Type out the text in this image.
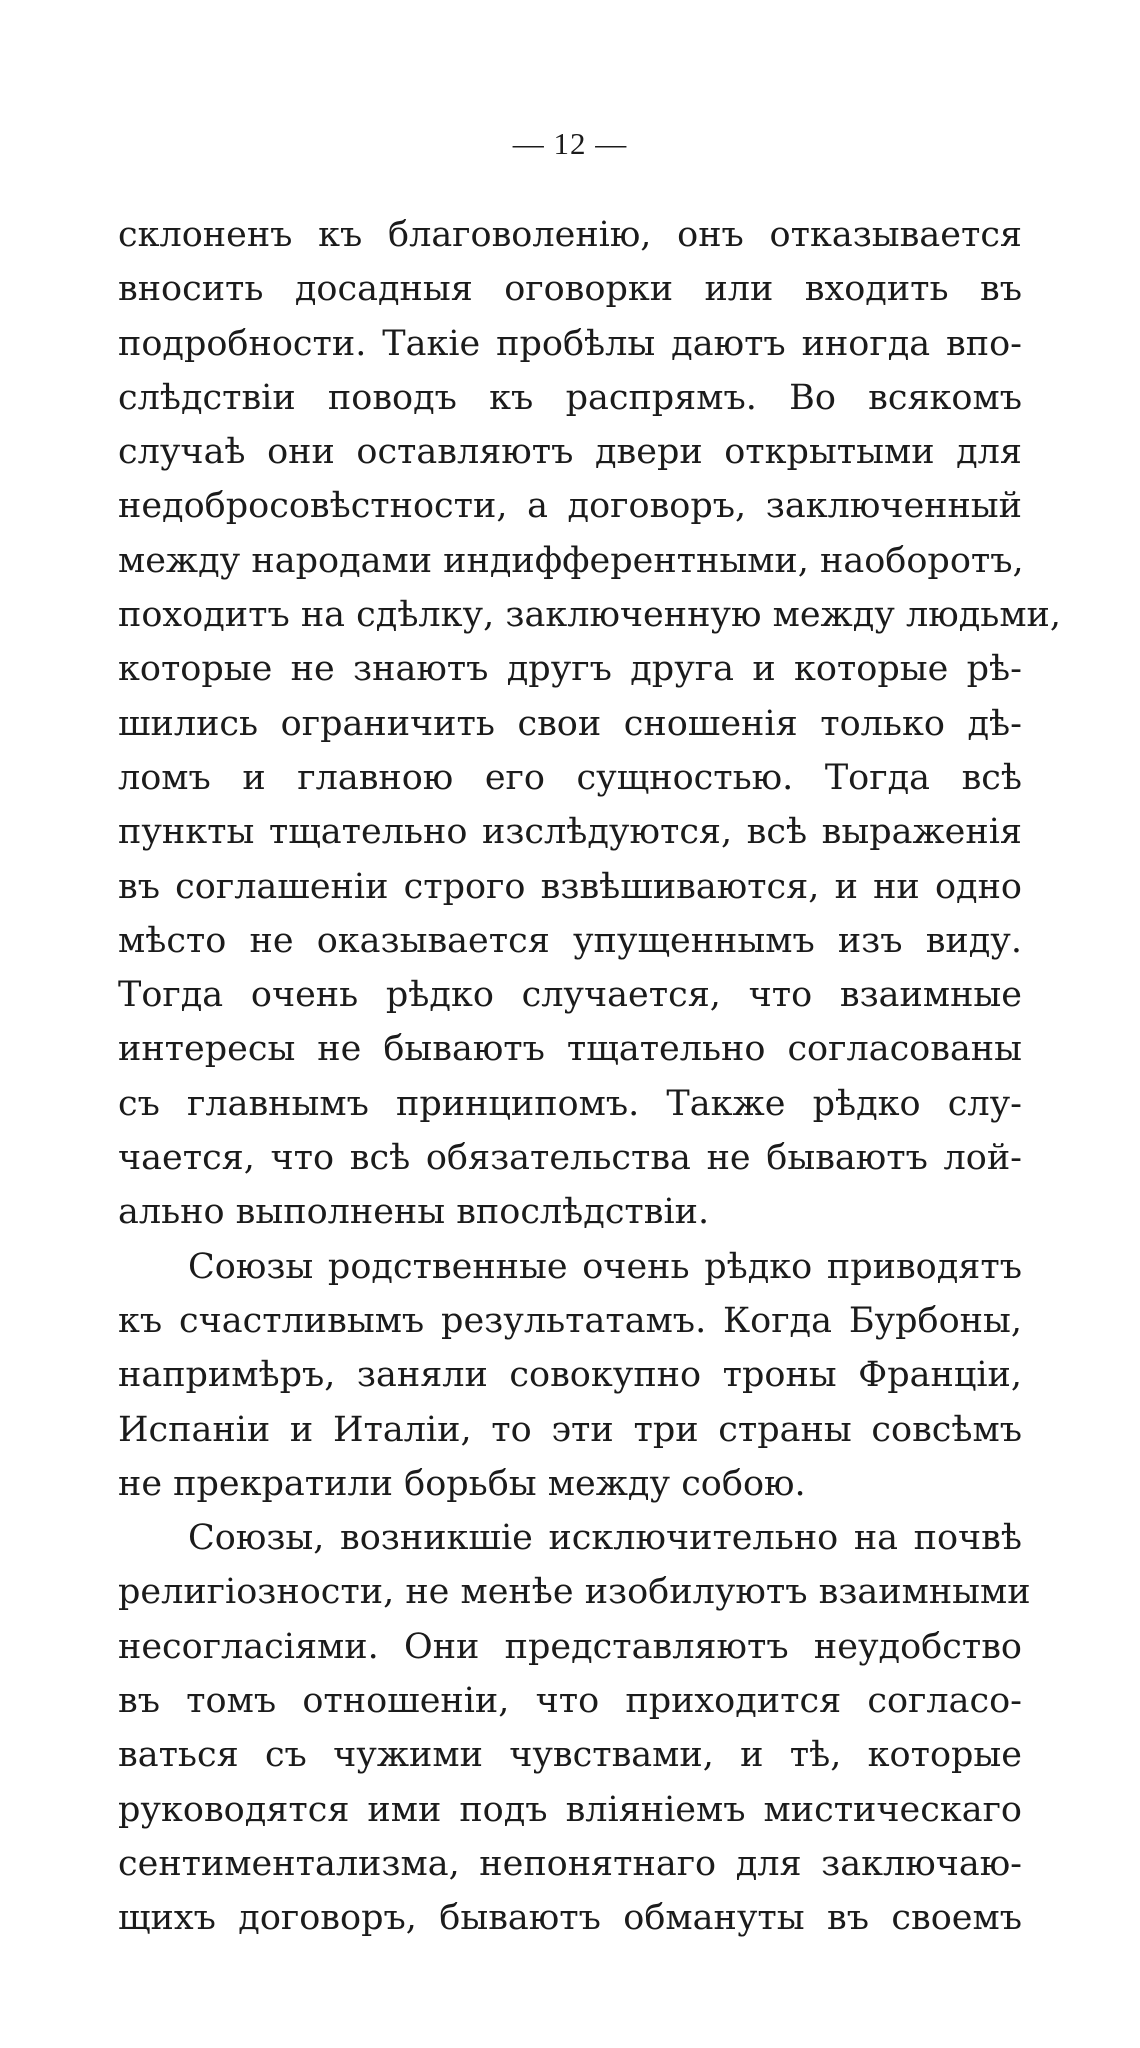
— 12 —
склоненъ къ благоволенію, онъ отказывается
вносить досадныя оговорки или входить въ
подробности. Такіе пробѣлы даютъ иногда впо-
слѣдствіи поводъ къ распрямъ. Во всякомъ
случаѣ они оставляютъ двери открытыми для
недобросовѣстности, а договоръ, заключенный
между народами индифферентными, наоборотъ,
походитъ на сдѣлку, заключенную между людьми,
которые не знаютъ другъ друга и которые рѣ-
шились ограничить свои сношенія только дѣ-
ломъ и главною его сущностью. Тогда всѣ
пункты тщательно изслѣдуются, всѣ выраженія
въ соглашеніи строго взвѣшиваются, и ни одно
мѣсто не оказывается упущеннымъ изъ виду.
Тогда очень рѣдко случается, что взаимные
интересы не бываютъ тщательно согласованы
съ главнымъ принципомъ. Также рѣдко слу-
чается, что всѣ обязательства не бываютъ лой-
ально выполнены впослѣдствіи.
Союзы родственные очень рѣдко приводятъ
къ счастливымъ результатамъ. Когда Бурбоны,
напримѣръ, заняли совокупно троны Франціи,
Испаніи и Италіи, то эти три страны совсѣмъ
не прекратили борьбы между собою.
Союзы, возникшіе исключительно на почвѣ
религіозности, не менѣе изобилуютъ взаимными
несогласіями. Они представляютъ неудобство
въ томъ отношеніи, что приходится согласо-
ваться съ чужими чувствами, и тѣ, которые
руководятся ими подъ вліяніемъ мистическаго
сентиментализма, непонятнаго для заключаю-
щихъ договоръ, бываютъ обмануты въ своемъ
